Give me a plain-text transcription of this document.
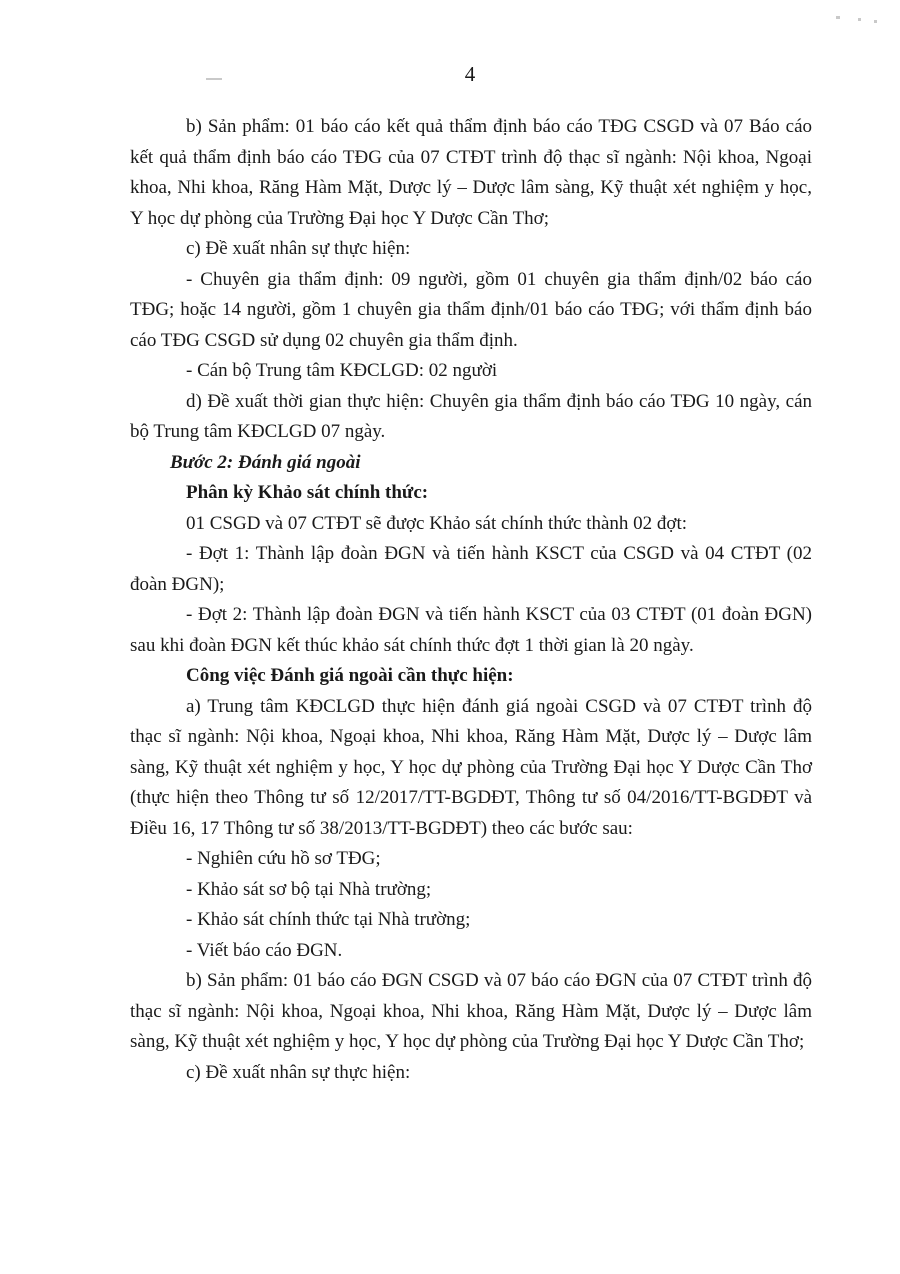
4

b) Sản phẩm: 01 báo cáo kết quả thẩm định báo cáo TĐG CSGD và 07 Báo cáo kết quả thẩm định báo cáo TĐG của 07 CTĐT trình độ thạc sĩ ngành: Nội khoa, Ngoại khoa, Nhi khoa, Răng Hàm Mặt, Dược lý – Dược lâm sàng, Kỹ thuật xét nghiệm y học, Y học dự phòng của Trường Đại học Y Dược Cần Thơ;

c) Đề xuất nhân sự thực hiện:

- Chuyên gia thẩm định: 09 người, gồm 01 chuyên gia thẩm định/02 báo cáo TĐG; hoặc 14 người, gồm 1 chuyên gia thẩm định/01 báo cáo TĐG; với thẩm định báo cáo TĐG CSGD sử dụng 02 chuyên gia thẩm định.

- Cán bộ Trung tâm KĐCLGD: 02 người

d) Đề xuất thời gian thực hiện: Chuyên gia thẩm định báo cáo TĐG 10 ngày, cán bộ Trung tâm KĐCLGD 07 ngày.

Bước 2: Đánh giá ngoài

Phân kỳ Khảo sát chính thức:

01 CSGD và 07 CTĐT sẽ được Khảo sát chính thức thành 02 đợt:

- Đợt 1: Thành lập đoàn ĐGN và tiến hành KSCT của CSGD và 04 CTĐT (02 đoàn ĐGN);

- Đợt 2: Thành lập đoàn ĐGN và tiến hành KSCT của 03 CTĐT (01 đoàn ĐGN) sau khi đoàn ĐGN kết thúc khảo sát chính thức đợt 1 thời gian là 20 ngày.

Công việc Đánh giá ngoài cần thực hiện:

a) Trung tâm KĐCLGD thực hiện đánh giá ngoài CSGD và 07 CTĐT trình độ thạc sĩ ngành: Nội khoa, Ngoại khoa, Nhi khoa, Răng Hàm Mặt, Dược lý – Dược lâm sàng, Kỹ thuật xét nghiệm y học, Y học dự phòng của Trường Đại học Y Dược Cần Thơ (thực hiện theo Thông tư số 12/2017/TT-BGDĐT, Thông tư số 04/2016/TT-BGDĐT và Điều 16, 17 Thông tư số 38/2013/TT-BGDĐT) theo các bước sau:

- Nghiên cứu hồ sơ TĐG;

- Khảo sát sơ bộ tại Nhà trường;

- Khảo sát chính thức tại Nhà trường;

- Viết báo cáo ĐGN.

b) Sản phẩm: 01 báo cáo ĐGN CSGD và 07 báo cáo ĐGN của 07 CTĐT trình độ thạc sĩ ngành: Nội khoa, Ngoại khoa, Nhi khoa, Răng Hàm Mặt, Dược lý – Dược lâm sàng, Kỹ thuật xét nghiệm y học, Y học dự phòng của Trường Đại học Y Dược Cần Thơ;

c) Đề xuất nhân sự thực hiện:
